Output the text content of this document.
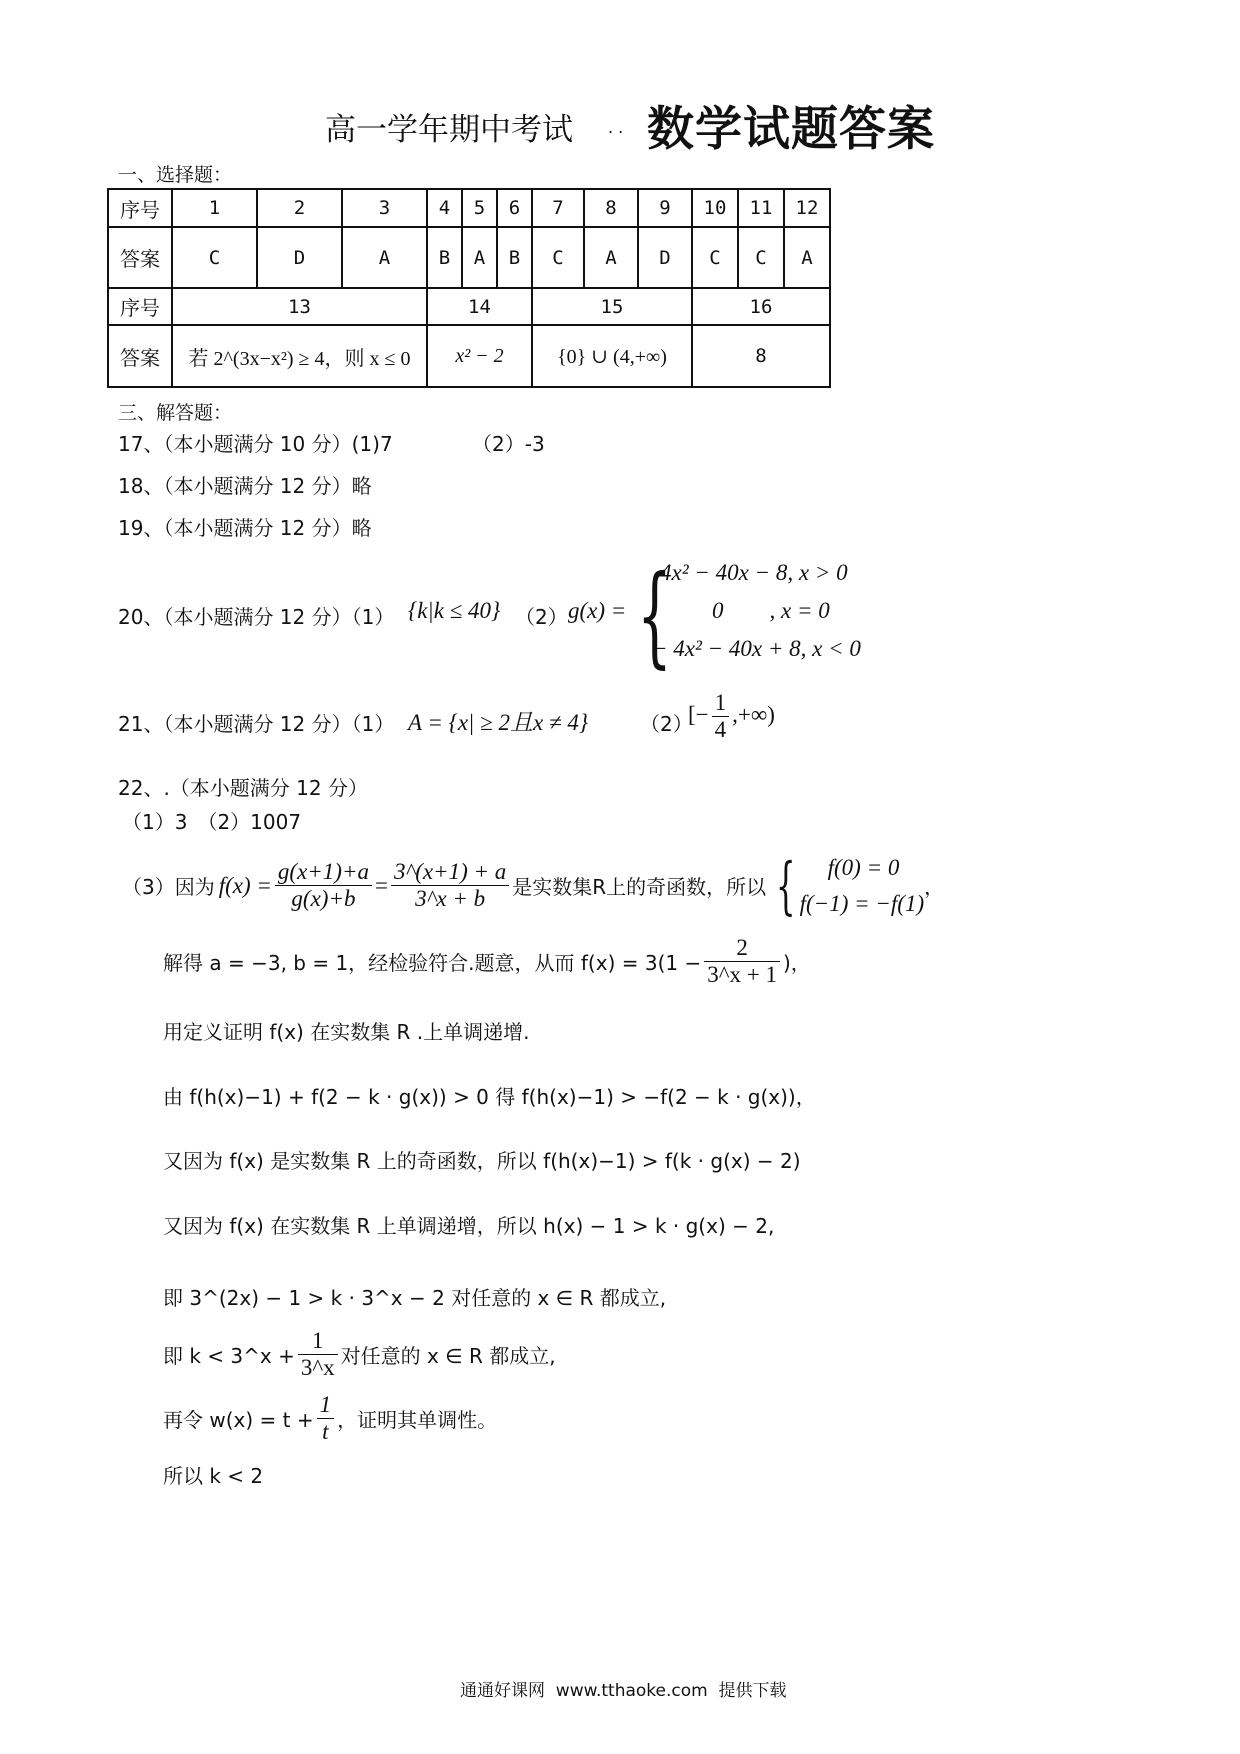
高一学年期中考试 . . 数学试题答案
一、选择题：
序号	1	2	3	4	5	6	7	8	9	10	11	12
答案	C	D	A	B	A	B	C	A	D	C	C	A
序号	13			14			15			16		
答案	若 2^(3x−x²) ≥ 4，则 x ≤ 0			x² − 2			{0} ∪ (4,+∞)			8		
三、解答题：
17、（本小题满分 10 分）(1)7	（2）-3
18、（本小题满分 12 分）略
19、（本小题满分 12 分）略
20、（本小题满分 12 分）（1） {k|k ≤ 40} （2） g(x) = {
4x² − 40x − 8, x > 0
0        , x = 0
− 4x² − 40x + 8, x < 0
21、（本小题满分 12 分）（1） A = {x| ≥ 2且x ≠ 4}	（2）
[− $\frac{1}{4}$ ,+∞)
22、.（本小题满分 12 分）
（1）3　（2）1007
（3）因为 $f(x) = \frac{g(x+1)+a}{g(x)+b} = \frac{3\^{}(x+1) + a}{3\^{}x + b}$ 是实数集R上的奇函数，所以 {	f(0) = 0
f(−1) = −f(1)
，
解得 a = −3, b = 1，经检验符合.题意，从而 $f(x) = 3(1 - \frac{2}{3\^{}x + 1}$ )，
用定义证明 f(x) 在实数集 R .上单调递增.
由 f(h(x)−1) + f(2 − k · g(x)) > 0 得 f(h(x)−1) > −f(2 − k · g(x))，
又因为 f(x) 是实数集 R 上的奇函数，所以 f(h(x)−1) > f(k · g(x) − 2)
又因为 f(x) 在实数集 R 上单调递增，所以 h(x) − 1 > k · g(x) − 2,
即 3^(2x) − 1 > k · 3^x − 2 对任意的 x ∈ R 都成立,
即 k < 3^x + $\frac{1}{3\^{}x}$ 对任意的 x ∈ R 都成立,
再令 $w(x) = t + \frac{1}{t}$ ，证明其单调性。
所以 k < 2
通通好课网  www.tthaoke.com  提供下载
